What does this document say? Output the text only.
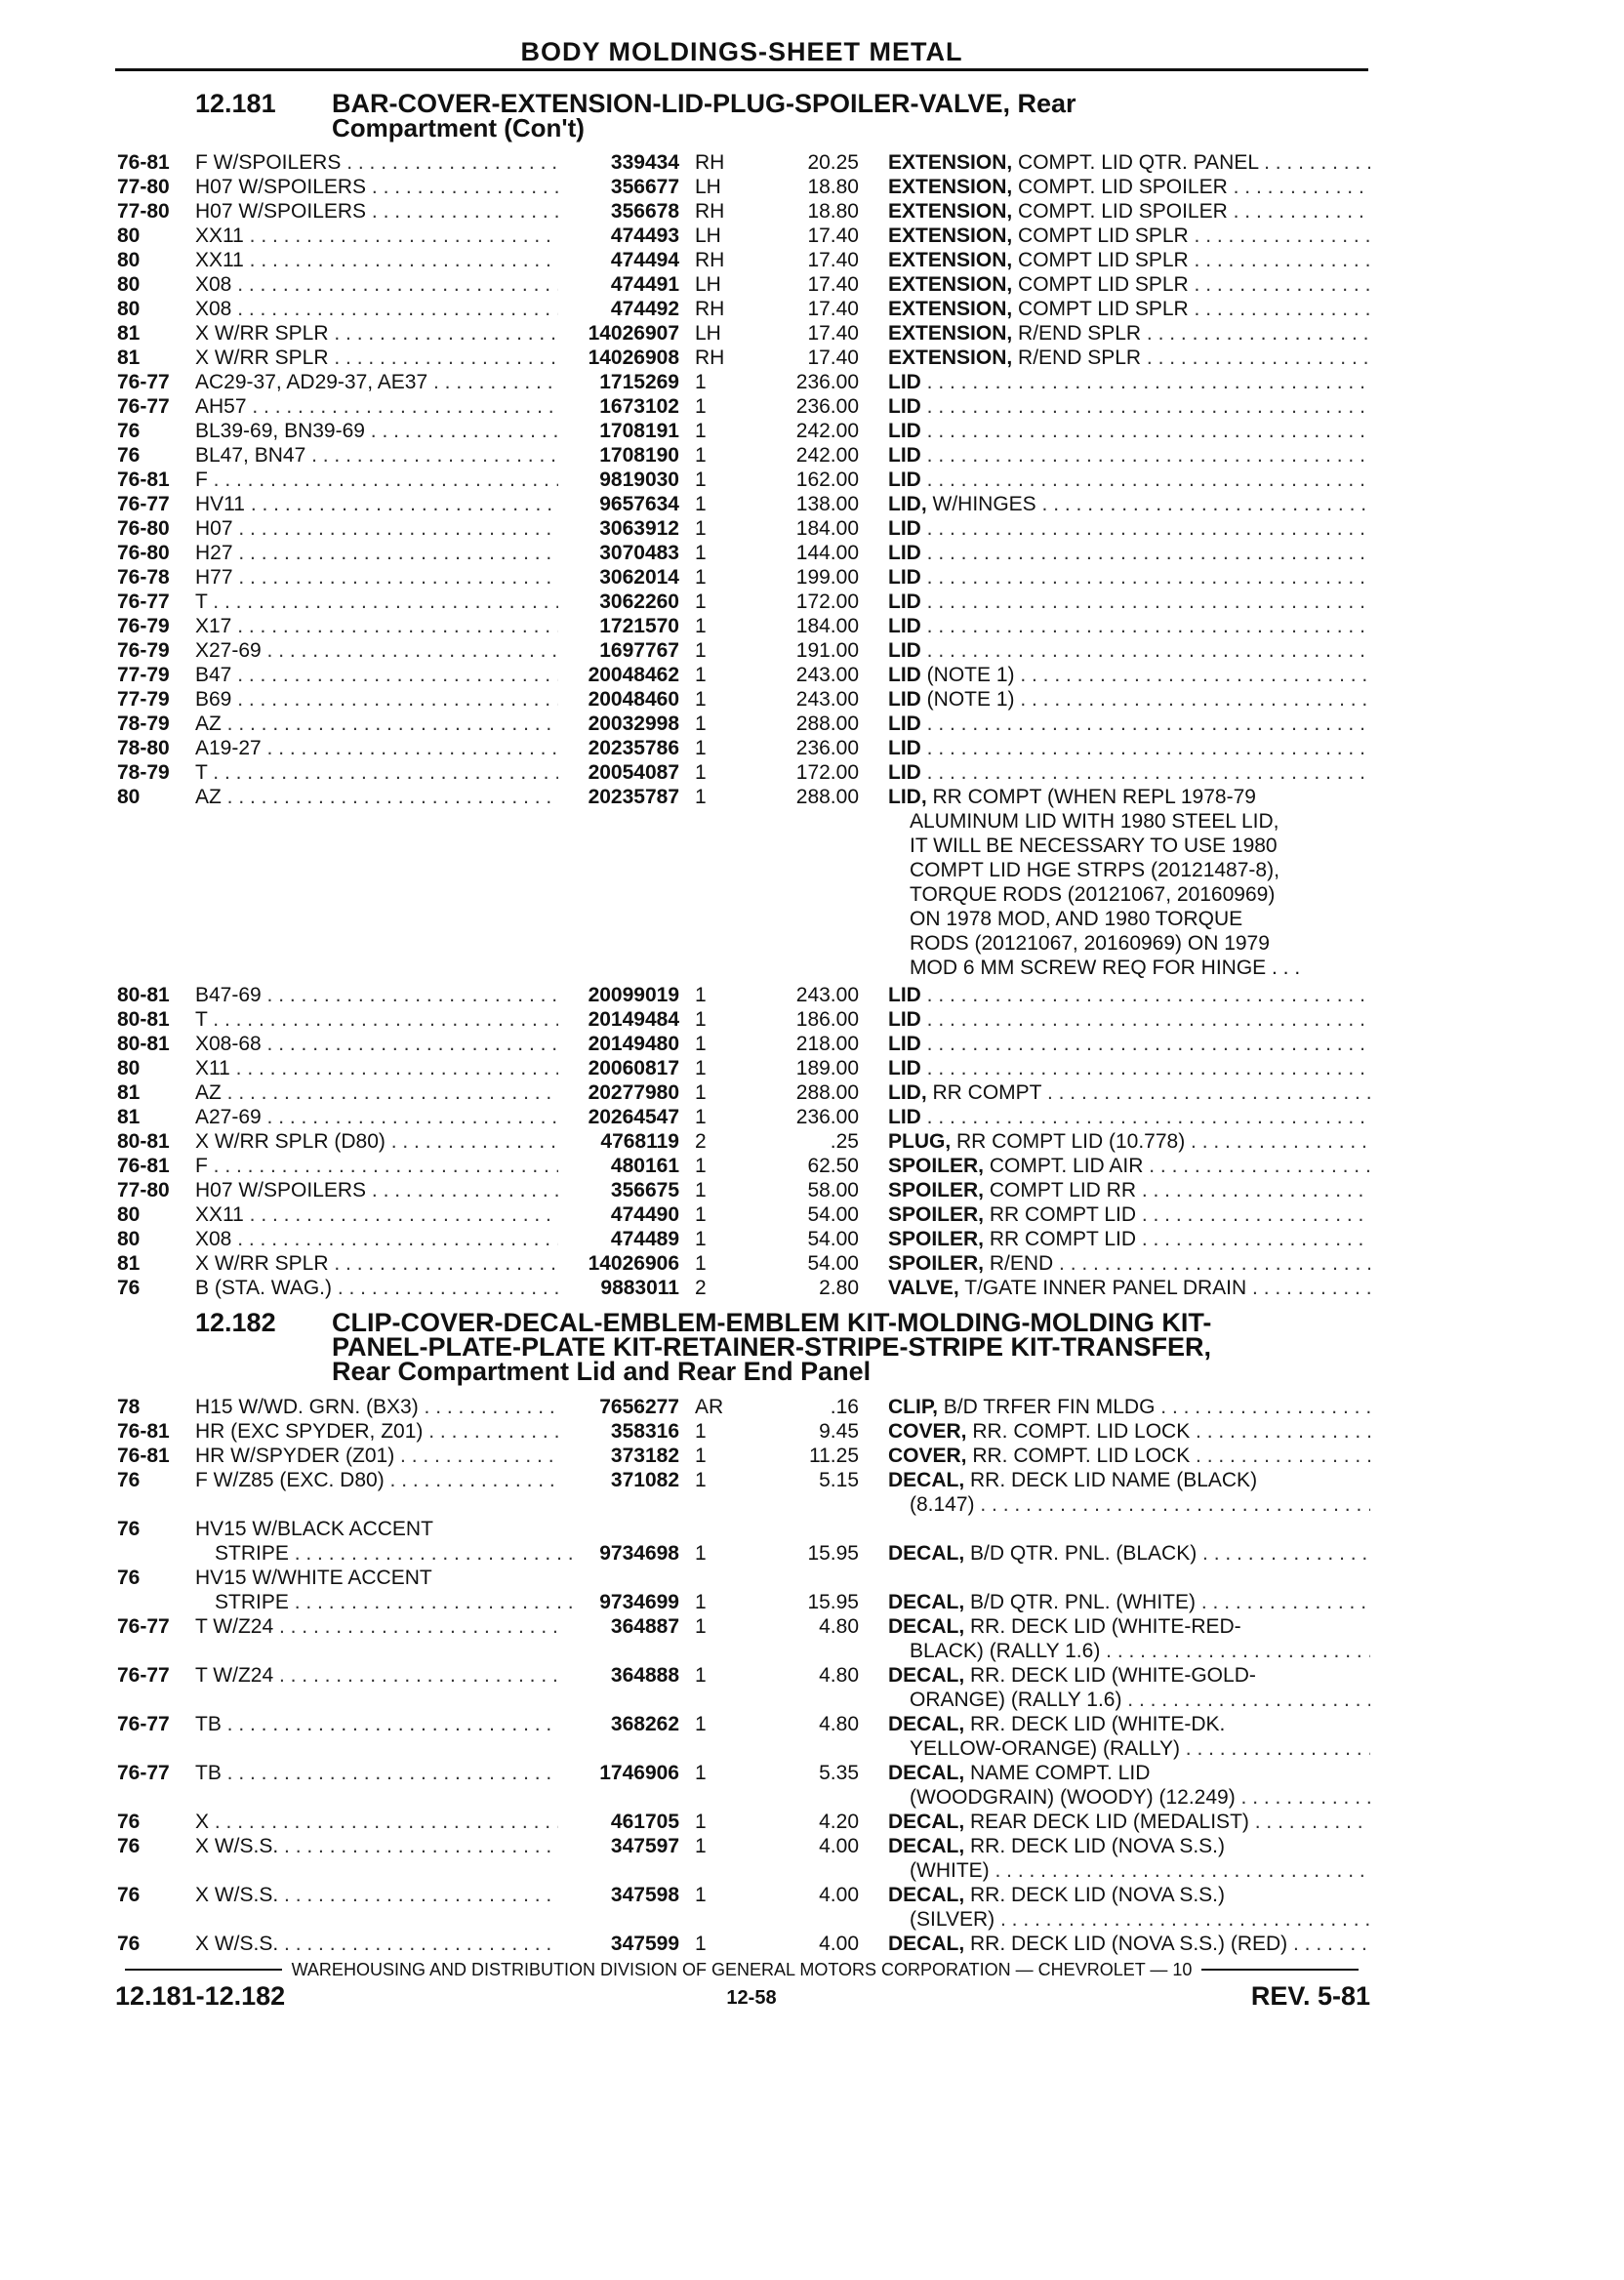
BODY MOLDINGS-SHEET METAL
12.181 BAR-COVER-EXTENSION-LID-PLUG-SPOILER-VALVE, Rear
Compartment (Con't)
76-81	F W/SPOILERS . . .	339434 RH	20.25 EXTENSION, COMPT. LID QTR. PANEL . . .
77-80	H07 W/SPOILERS . . .	356677 LH	18.80 EXTENSION, COMPT. LID SPOILER . . .
77-80	H07 W/SPOILERS . . .	356678 RH	18.80 EXTENSION, COMPT. LID SPOILER . . .
80	XX11 . . .	474493 LH	17.40 EXTENSION, COMPT LID SPLR . . .
80	XX11 . . .	474494 RH	17.40 EXTENSION, COMPT LID SPLR . . .
80	X08 . . .	474491 LH	17.40 EXTENSION, COMPT LID SPLR . . .
80	X08 . . .	474492 RH	17.40 EXTENSION, COMPT LID SPLR . . .
81	X W/RR SPLR . . .	14026907 LH	17.40 EXTENSION, R/END SPLR . . .
81	X W/RR SPLR . . .	14026908 RH	17.40 EXTENSION, R/END SPLR . . .
76-77	AC29-37, AD29-37, AE37 . . .	1715269 1	236.00 LID . . .
76-77	AH57 . . .	1673102 1	236.00 LID . . .
76	BL39-69, BN39-69 . . .	1708191 1	242.00 LID . . .
76	BL47, BN47 . . .	1708190 1	242.00 LID . . .
76-81	F . . .	9819030 1	162.00 LID . . .
76-77	HV11 . . .	9657634 1	138.00 LID, W/HINGES . . .
76-80	H07 . . .	3063912 1	184.00 LID . . .
76-80	H27 . . .	3070483 1	144.00 LID . . .
76-78	H77 . . .	3062014 1	199.00 LID . . .
76-77	T . . .	3062260 1	172.00 LID . . .
76-79	X17 . . .	1721570 1	184.00 LID . . .
76-79	X27-69 . . .	1697767 1	191.00 LID . . .
77-79	B47 . . .	20048462 1	243.00 LID (NOTE 1) . . .
77-79	B69 . . .	20048460 1	243.00 LID (NOTE 1) . . .
78-79	AZ . . .	20032998 1	288.00 LID . . .
78-80	A19-27 . . .	20235786 1	236.00 LID . . .
78-79	T . . .	20054087 1	172.00 LID . . .
80	AZ . . .	20235787 1	288.00 LID, RR COMPT (WHEN REPL 1978-79
ALUMINUM LID WITH 1980 STEEL LID,
IT WILL BE NECESSARY TO USE 1980
COMPT LID HGE STRPS (20121487-8),
TORQUE RODS (20121067, 20160969)
ON 1978 MOD, AND 1980 TORQUE
RODS (20121067, 20160969) ON 1979
MOD 6 MM SCREW REQ FOR HINGE . . .
80-81	B47-69 . . .	20099019 1	243.00 LID . . .
80-81	T . . .	20149484 1	186.00 LID . . .
80-81	X08-68 . . .	20149480 1	218.00 LID . . .
80	X11 . . .	20060817 1	189.00 LID . . .
81	AZ . . .	20277980 1	288.00 LID, RR COMPT . . .
81	A27-69 . . .	20264547 1	236.00 LID . . .
80-81	X W/RR SPLR (D80) . . .	4768119 2	.25 PLUG, RR COMPT LID (10.778) . . .
76-81	F . . .	480161 1	62.50 SPOILER, COMPT. LID AIR . . .
77-80	H07 W/SPOILERS . . .	356675 1	58.00 SPOILER, COMPT LID RR . . .
80	XX11 . . .	474490 1	54.00 SPOILER, RR COMPT LID . . .
80	X08 . . .	474489 1	54.00 SPOILER, RR COMPT LID . . .
81	X W/RR SPLR . . .	14026906 1	54.00 SPOILER, R/END . . .
76	B (STA. WAG.) . . .	9883011 2	2.80 VALVE, T/GATE INNER PANEL DRAIN . . .
78	H15 W/WD. GRN. (BX3) . . .	7656277 AR	.16 CLIP, B/D TRFER FIN MLDG . . .
76-81	HR (EXC SPYDER, Z01) . . .	358316 1	9.45 COVER, RR. COMPT. LID LOCK . . .
76-81	HR W/SPYDER (Z01) . . .	373182 1	11.25 COVER, RR. COMPT. LID LOCK . . .
76	F W/Z85 (EXC. D80) . . .	371082 1	5.15 DECAL, RR. DECK LID NAME (BLACK)
(8.147) . . .
76	HV15 W/BLACK ACCENT
STRIPE . . .	9734698 1	15.95 DECAL, B/D QTR. PNL. (BLACK) . . .
76	HV15 W/WHITE ACCENT
STRIPE . . .	9734699 1	15.95 DECAL, B/D QTR. PNL. (WHITE) . . .
76-77	T W/Z24 . . .	364887 1	4.80 DECAL, RR. DECK LID (WHITE-RED-
BLACK) (RALLY 1.6) . . .
76-77	T W/Z24 . . .	364888 1	4.80 DECAL, RR. DECK LID (WHITE-GOLD-
ORANGE) (RALLY 1.6) . . .
76-77	TB . . .	368262 1	4.80 DECAL, RR. DECK LID (WHITE-DK.
YELLOW-ORANGE) (RALLY) . . .
76-77	TB . . .	1746906 1	5.35 DECAL, NAME COMPT. LID
(WOODGRAIN) (WOODY) (12.249) . . .
76	X . . .	461705 1	4.20 DECAL, REAR DECK LID (MEDALIST) . . .
76	X W/S.S. . . .	347597 1	4.00 DECAL, RR. DECK LID (NOVA S.S.)
(WHITE) . . .
76	X W/S.S. . . .	347598 1	4.00 DECAL, RR. DECK LID (NOVA S.S.)
(SILVER) . . .
76	X W/S.S. . . .	347599 1	4.00 DECAL, RR. DECK LID (NOVA S.S.) (RED) . . .
12.182 CLIP-COVER-DECAL-EMBLEM-EMBLEM KIT-MOLDING-MOLDING KIT-
PANEL-PLATE-PLATE KIT-RETAINER-STRIPE-STRIPE KIT-TRANSFER,
Rear Compartment Lid and Rear End Panel
WAREHOUSING AND DISTRIBUTION DIVISION OF GENERAL MOTORS CORPORATION — CHEVROLET — 10
12.181-12.182	12-58	REV. 5-81
